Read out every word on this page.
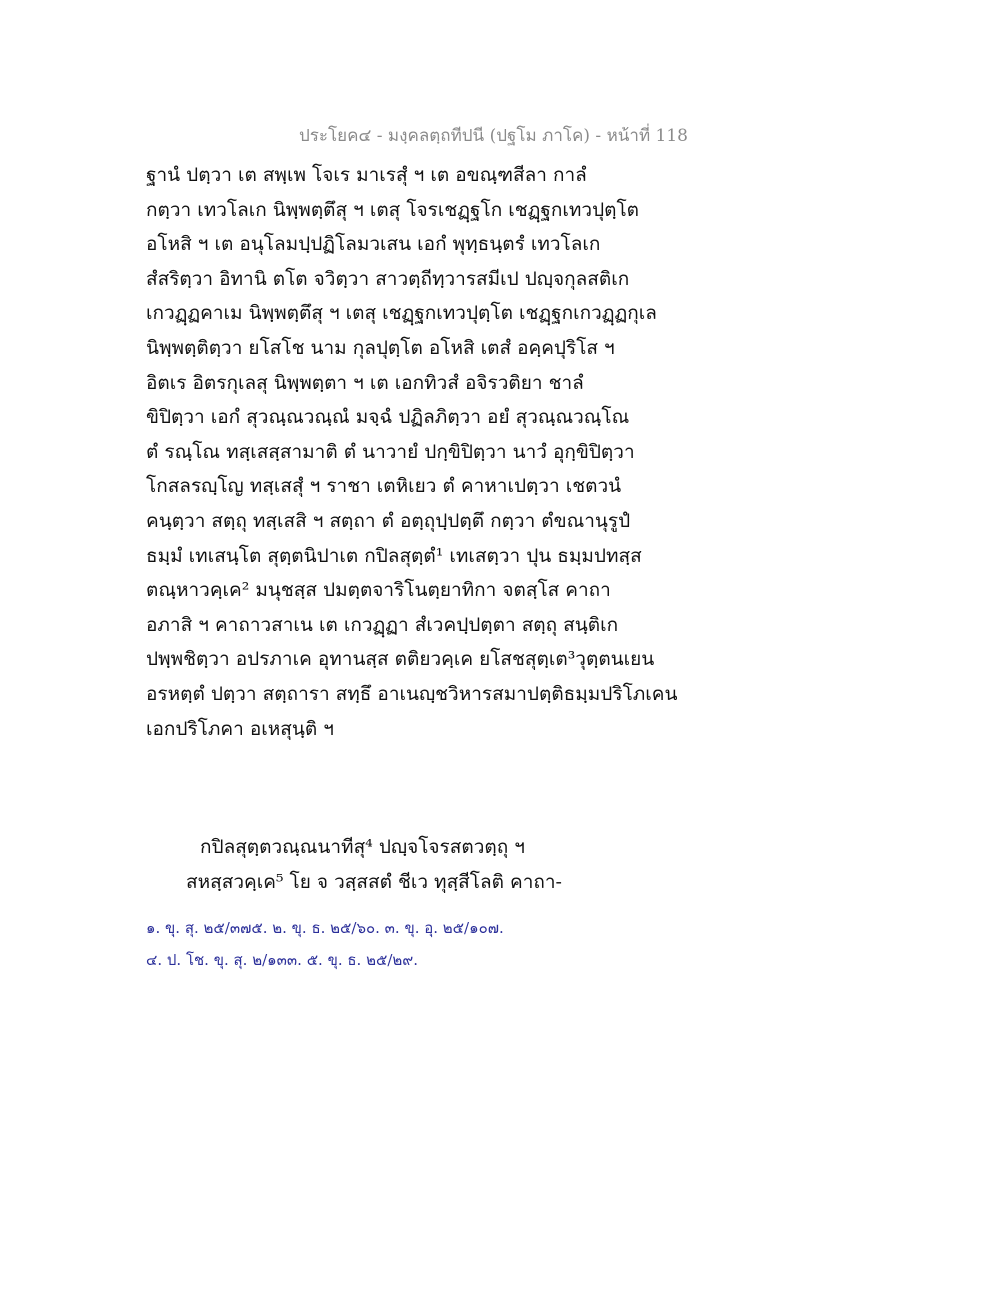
ประโยค๔ - มงฺคลตฺถทีปนี (ปฐโม ภาโค) - หน้าที่ 118
ฐานํ ปตฺวา เต สพฺเพ โจเร มาเรสุํ ฯ เต อขณฺฑสีลา กาลํ
กตฺวา เทวโลเก นิพฺพตฺตึสุ ฯ เตสุ โจรเชฏฺฐโก เชฏฺฐกเทวปุตฺโต
อโหสิ ฯ เต อนุโลมปฺปฏิโลมวเสน เอกํ พุทฺธนฺตรํ เทวโลเก
สํสริตฺวา อิทานิ ตโต จวิตฺวา สาวตฺถีทฺวารสมีเป ปญฺจกุลสติเก
เกวฏฺฏคาเม นิพฺพตฺตึสุ ฯ เตสุ เชฏฺฐกเทวปุตฺโต เชฏฺฐกเกวฏฺฏกุเล
นิพฺพตฺติตฺวา ยโสโช นาม กุลปุตฺโต อโหสิ เตสํ อคฺคปุริโส ฯ
อิตเร อิตรกุเลสุ นิพฺพตฺตา ฯ เต เอกทิวสํ อจิรวติยา ชาลํ
ขิปิตฺวา เอกํ สุวณฺณวณฺณํ มจฺฉํ ปฏิลภิตฺวา อยํ สุวณฺณวณฺโณ
ตํ รณฺโณ ทสฺเสสฺสามาติ ตํ นาวายํ ปกฺขิปิตฺวา นาวํ อุกฺขิปิตฺวา
โกสลรญฺโญ ทสฺเสสุํ ฯ ราชา เตหิเยว ตํ คาหาเปตฺวา เชตวนํ
คนฺตฺวา สตฺถุ ทสฺเสสิ ฯ สตฺถา ตํ อตฺถุปฺปตฺตึ กตฺวา ตํขณานุรูปํ
ธมฺมํ เทเสนฺโต สุตฺตนิปาเต กปิลสุตฺตํ¹ เทเสตฺวา ปุน ธมฺมปทสฺส
ตณฺหาวคฺเค² มนุชสฺส ปมตฺตจาริโนตฺยาทิกา จตสฺโส คาถา
อภาสิ ฯ คาถาวสาเน เต เกวฏฺฏา สํเวคปฺปตฺตา สตฺถุ สนฺติเก
ปพฺพชิตฺวา อปรภาเค อุทานสฺส ตติยวคฺเค ยโสชสุตฺเต³วุตฺตนเยน
อรหตฺตํ ปตฺวา สตฺถารา สทฺธึ อาเนญฺชวิหารสมาปตฺติธมฺมปริโภเคน
เอกปริโภคา อเหสุนฺติ ฯ
กปิลสุตฺตวณฺณนาทีสุ⁴ ปญฺจโจรสตวตฺถุ ฯ
สหสฺสวคฺเค⁵ โย จ วสฺสสตํ ชีเว ทุสฺสีโลติ คาถา-
๑. ขุ. สุ. ๒๕/๓๗๕. ๒. ขุ. ธ. ๒๕/๖๐. ๓. ขุ. อุ. ๒๕/๑๐๗.
๔. ป. โช. ขุ. สุ. ๒/๑๓๓. ๕. ขุ. ธ. ๒๕/๒๙.
